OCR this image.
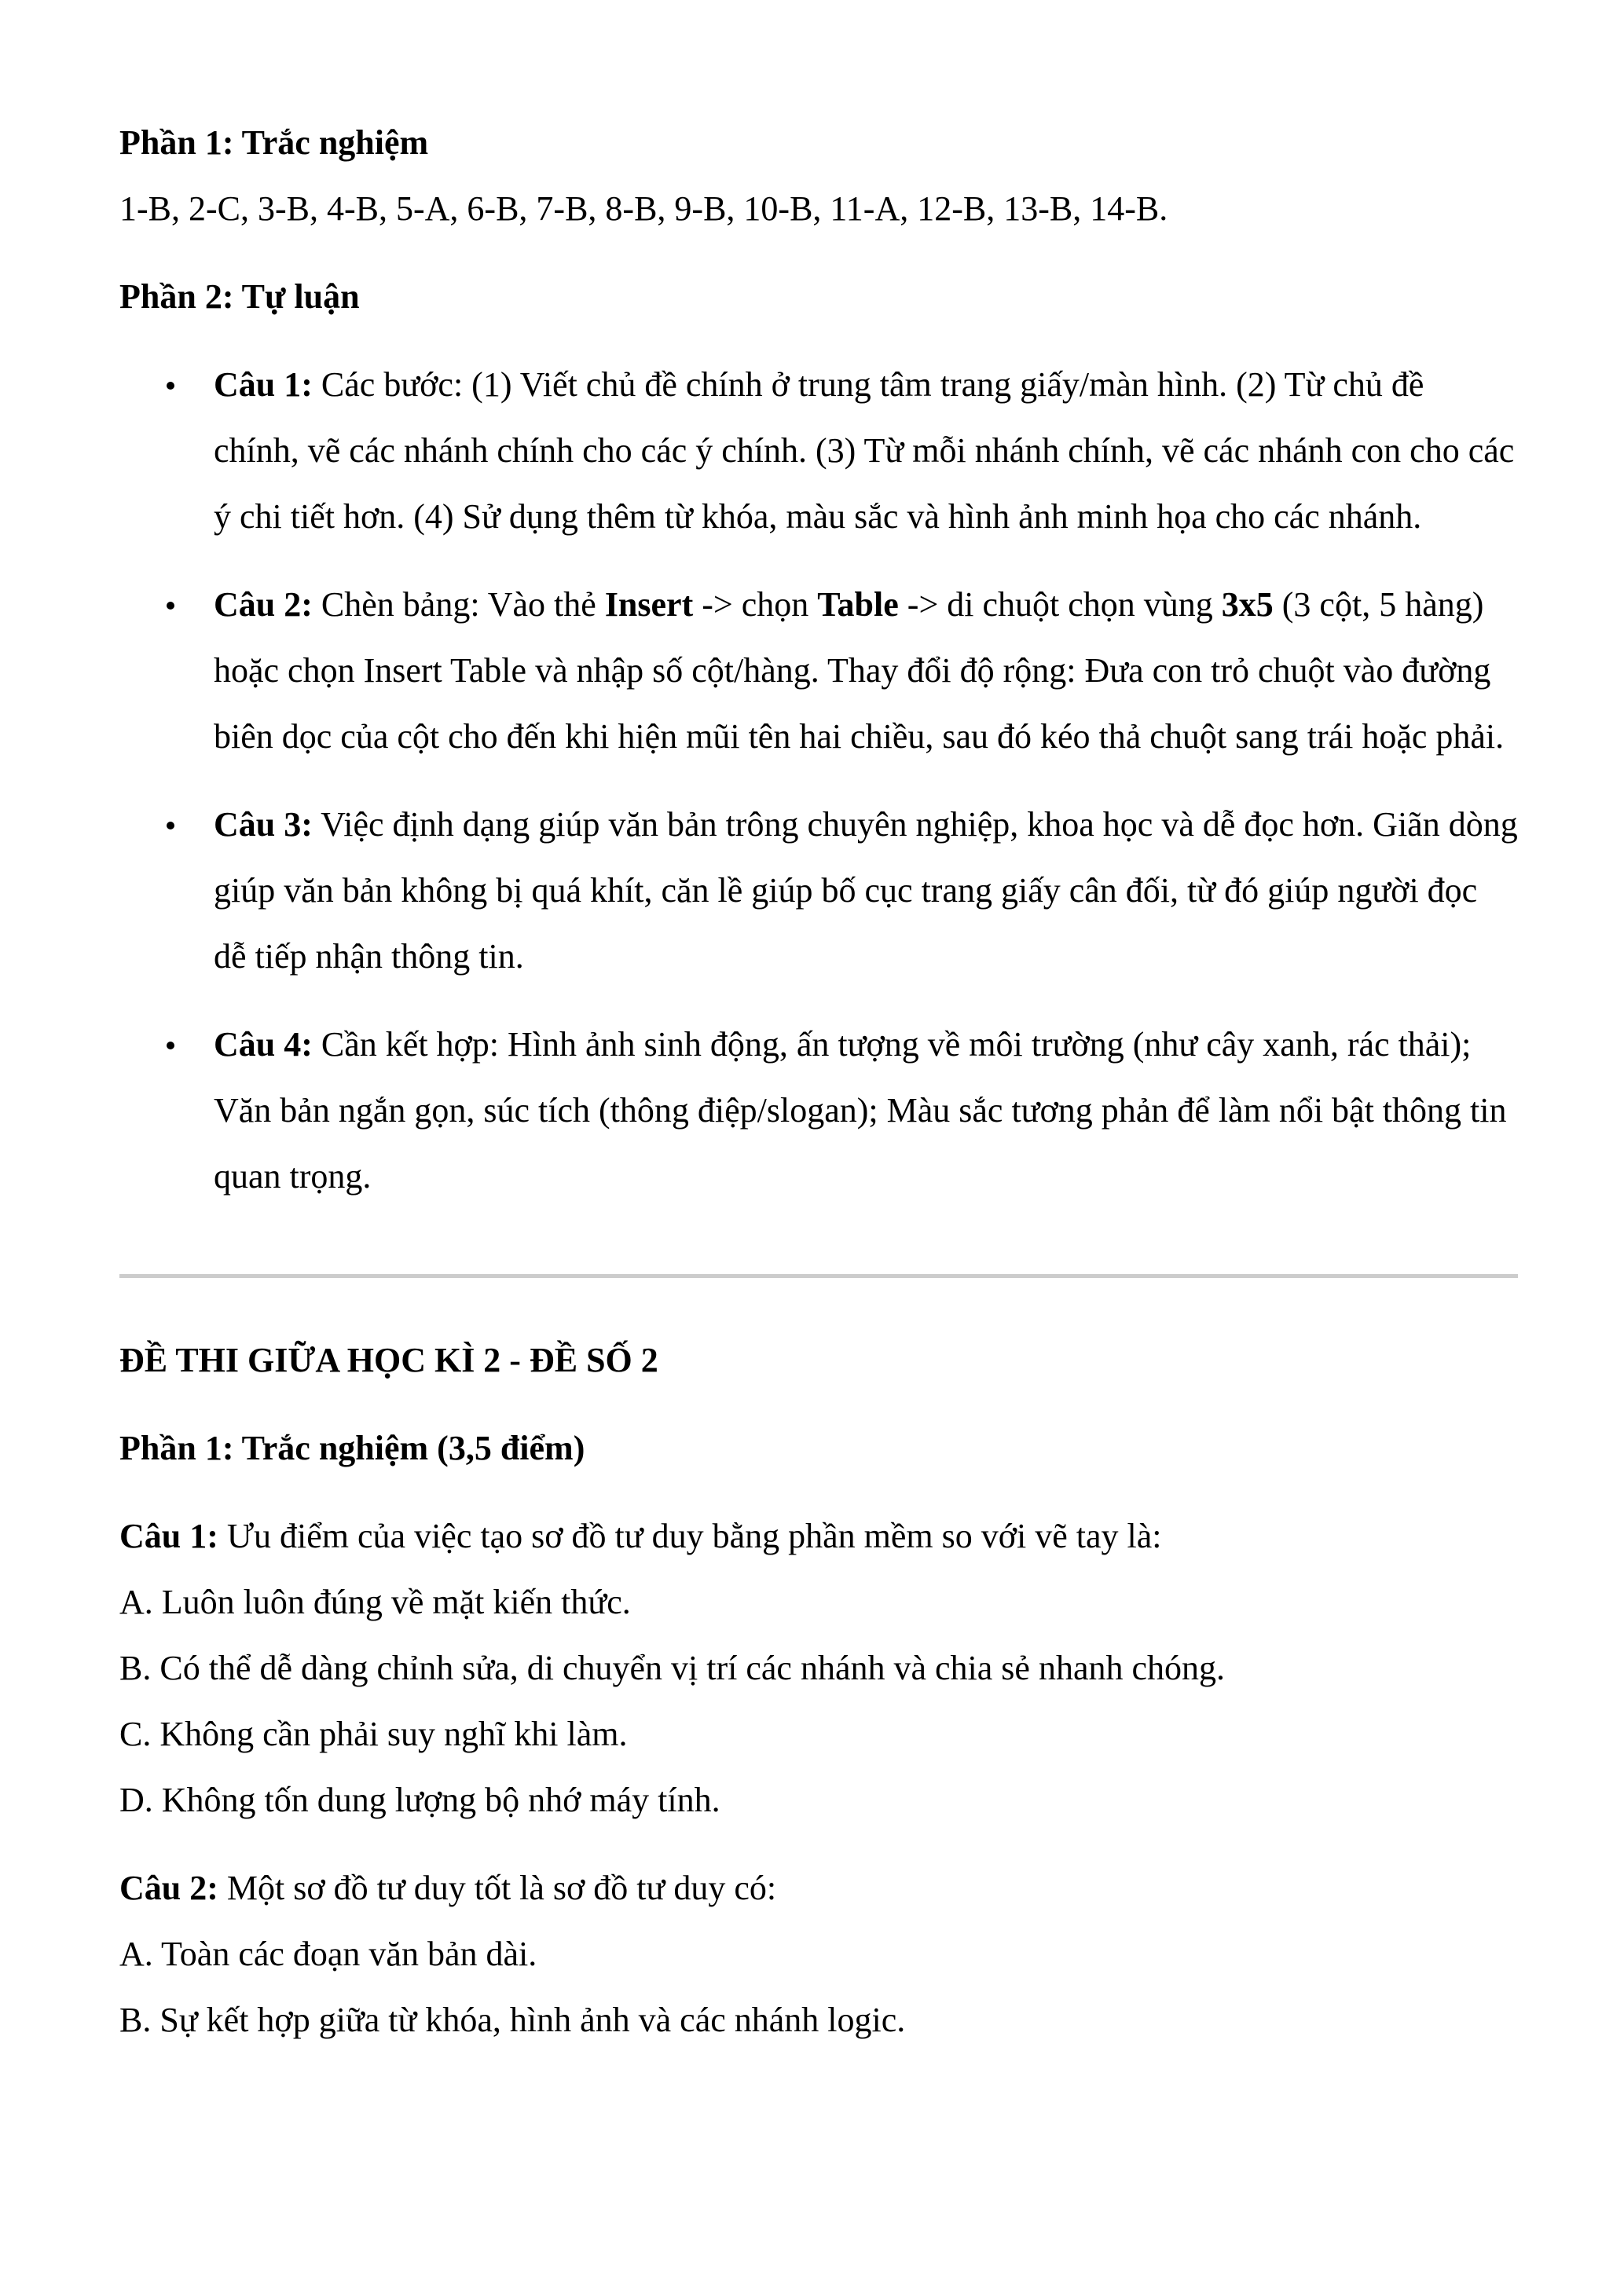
Phần 1: Trắc nghiệm

1-B, 2-C, 3-B, 4-B, 5-A, 6-B, 7-B, 8-B, 9-B, 10-B, 11-A, 12-B, 13-B, 14-B.

Phần 2: Tự luận

Câu 1: Các bước: (1) Viết chủ đề chính ở trung tâm trang giấy/màn hình. (2) Từ chủ đề chính, vẽ các nhánh chính cho các ý chính. (3) Từ mỗi nhánh chính, vẽ các nhánh con cho các ý chi tiết hơn. (4) Sử dụng thêm từ khóa, màu sắc và hình ảnh minh họa cho các nhánh.
Câu 2: Chèn bảng: Vào thẻ Insert -> chọn Table -> di chuột chọn vùng 3x5 (3 cột, 5 hàng) hoặc chọn Insert Table và nhập số cột/hàng. Thay đổi độ rộng: Đưa con trỏ chuột vào đường biên dọc của cột cho đến khi hiện mũi tên hai chiều, sau đó kéo thả chuột sang trái hoặc phải.
Câu 3: Việc định dạng giúp văn bản trông chuyên nghiệp, khoa học và dễ đọc hơn. Giãn dòng giúp văn bản không bị quá khít, căn lề giúp bố cục trang giấy cân đối, từ đó giúp người đọc dễ tiếp nhận thông tin.
Câu 4: Cần kết hợp: Hình ảnh sinh động, ấn tượng về môi trường (như cây xanh, rác thải); Văn bản ngắn gọn, súc tích (thông điệp/slogan); Màu sắc tương phản để làm nổi bật thông tin quan trọng.

ĐỀ THI GIỮA HỌC KÌ 2 - ĐỀ SỐ 2

Phần 1: Trắc nghiệm (3,5 điểm)

Câu 1: Ưu điểm của việc tạo sơ đồ tư duy bằng phần mềm so với vẽ tay là:

A. Luôn luôn đúng về mặt kiến thức.

B. Có thể dễ dàng chỉnh sửa, di chuyển vị trí các nhánh và chia sẻ nhanh chóng.

C. Không cần phải suy nghĩ khi làm.

D. Không tốn dung lượng bộ nhớ máy tính.

Câu 2: Một sơ đồ tư duy tốt là sơ đồ tư duy có:

A. Toàn các đoạn văn bản dài.

B. Sự kết hợp giữa từ khóa, hình ảnh và các nhánh logic.
